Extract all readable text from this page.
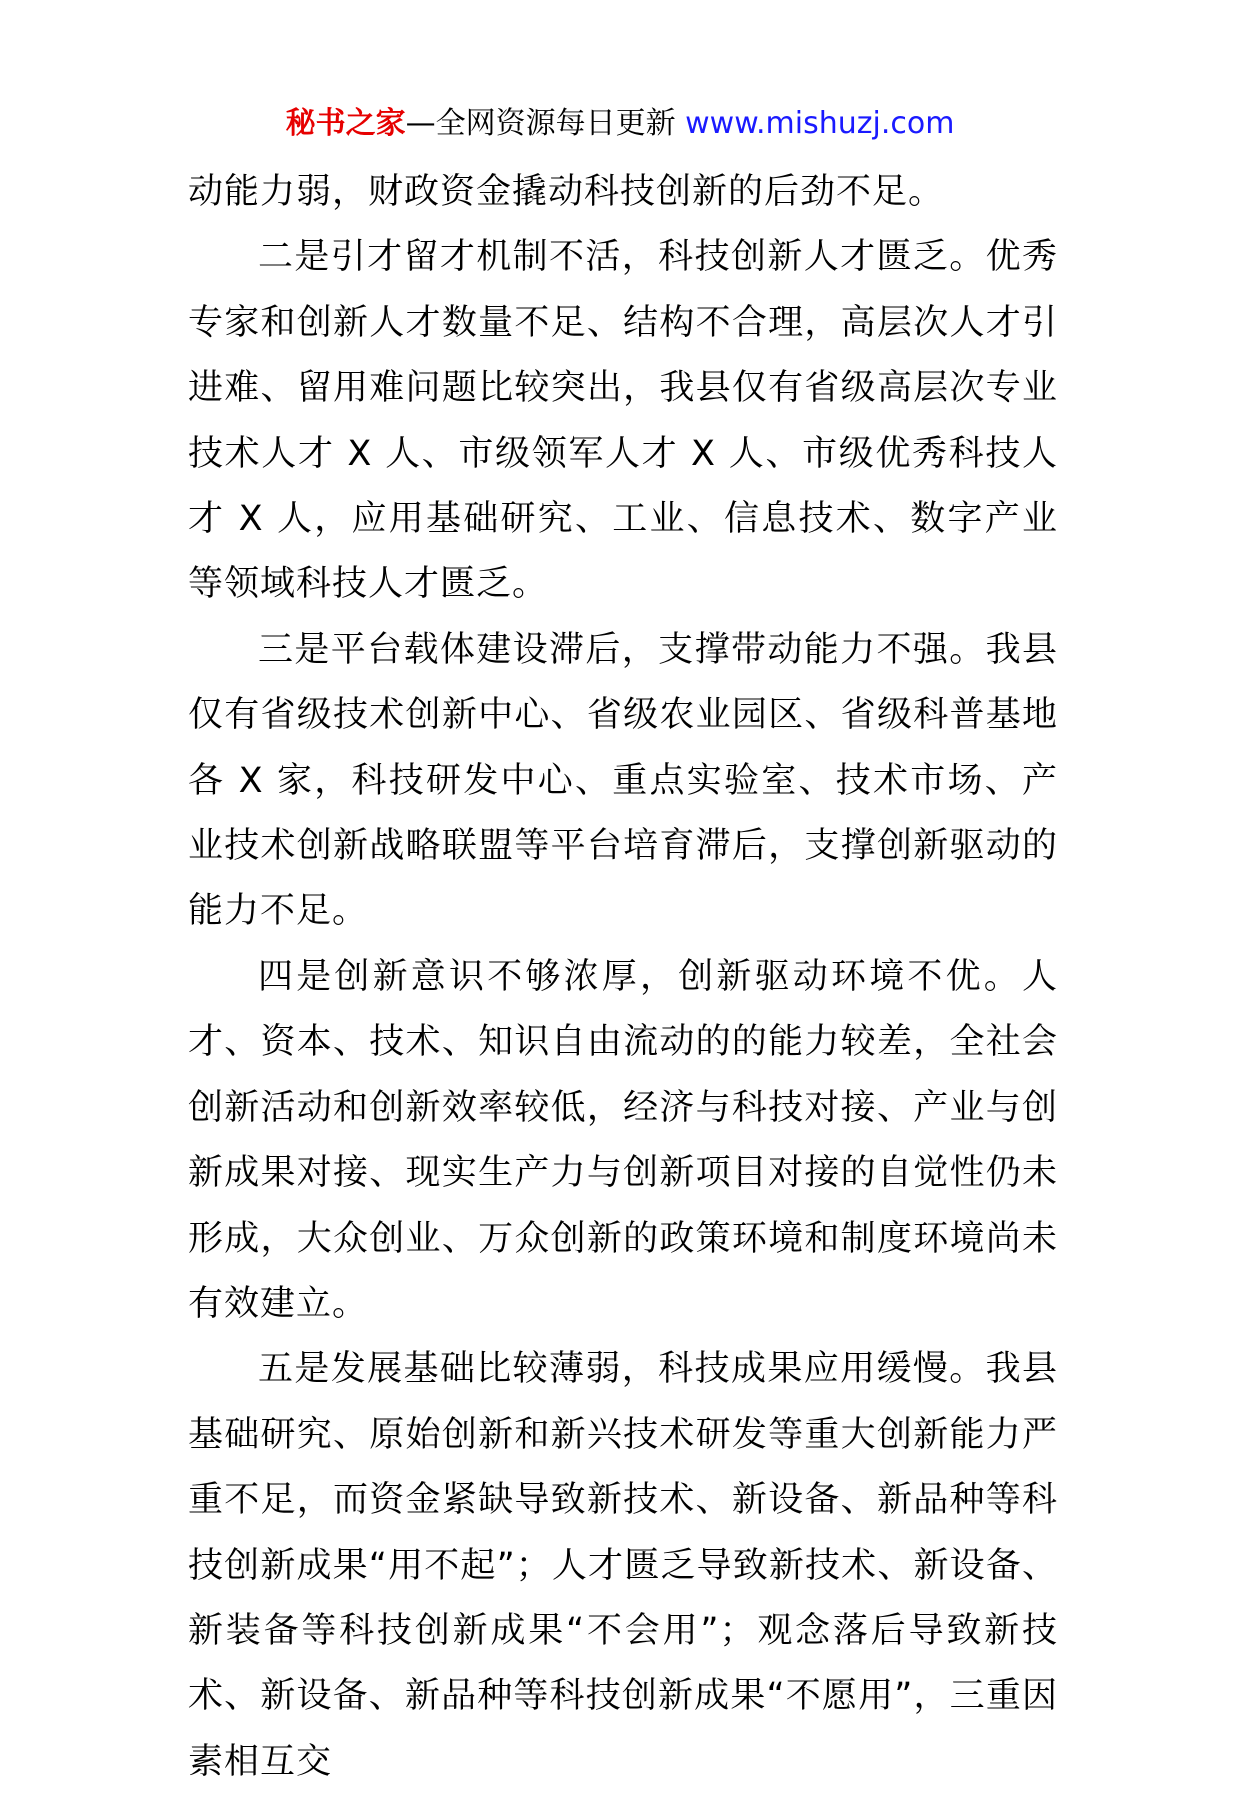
秘书之家—全网资源每日更新 www.mishuzj.com

动能力弱，财政资金撬动科技创新的后劲不足。

二是引才留才机制不活，科技创新人才匮乏。优秀专家和创新人才数量不足、结构不合理，高层次人才引进难、留用难问题比较突出，我县仅有省级高层次专业技术人才 X 人、市级领军人才 X 人、市级优秀科技人才 X 人，应用基础研究、工业、信息技术、数字产业等领域科技人才匮乏。

三是平台载体建设滞后，支撑带动能力不强。我县仅有省级技术创新中心、省级农业园区、省级科普基地各 X 家，科技研发中心、重点实验室、技术市场、产业技术创新战略联盟等平台培育滞后，支撑创新驱动的能力不足。

四是创新意识不够浓厚，创新驱动环境不优。人才、资本、技术、知识自由流动的的能力较差，全社会创新活动和创新效率较低，经济与科技对接、产业与创新成果对接、现实生产力与创新项目对接的自觉性仍未形成，大众创业、万众创新的政策环境和制度环境尚未有效建立。

五是发展基础比较薄弱，科技成果应用缓慢。我县基础研究、原始创新和新兴技术研发等重大创新能力严重不足，而资金紧缺导致新技术、新设备、新品种等科技创新成果“用不起”；人才匮乏导致新技术、新设备、新装备等科技创新成果“不会用”；观念落后导致新技术、新设备、新品种等科技创新成果“不愿用”，三重因素相互交
